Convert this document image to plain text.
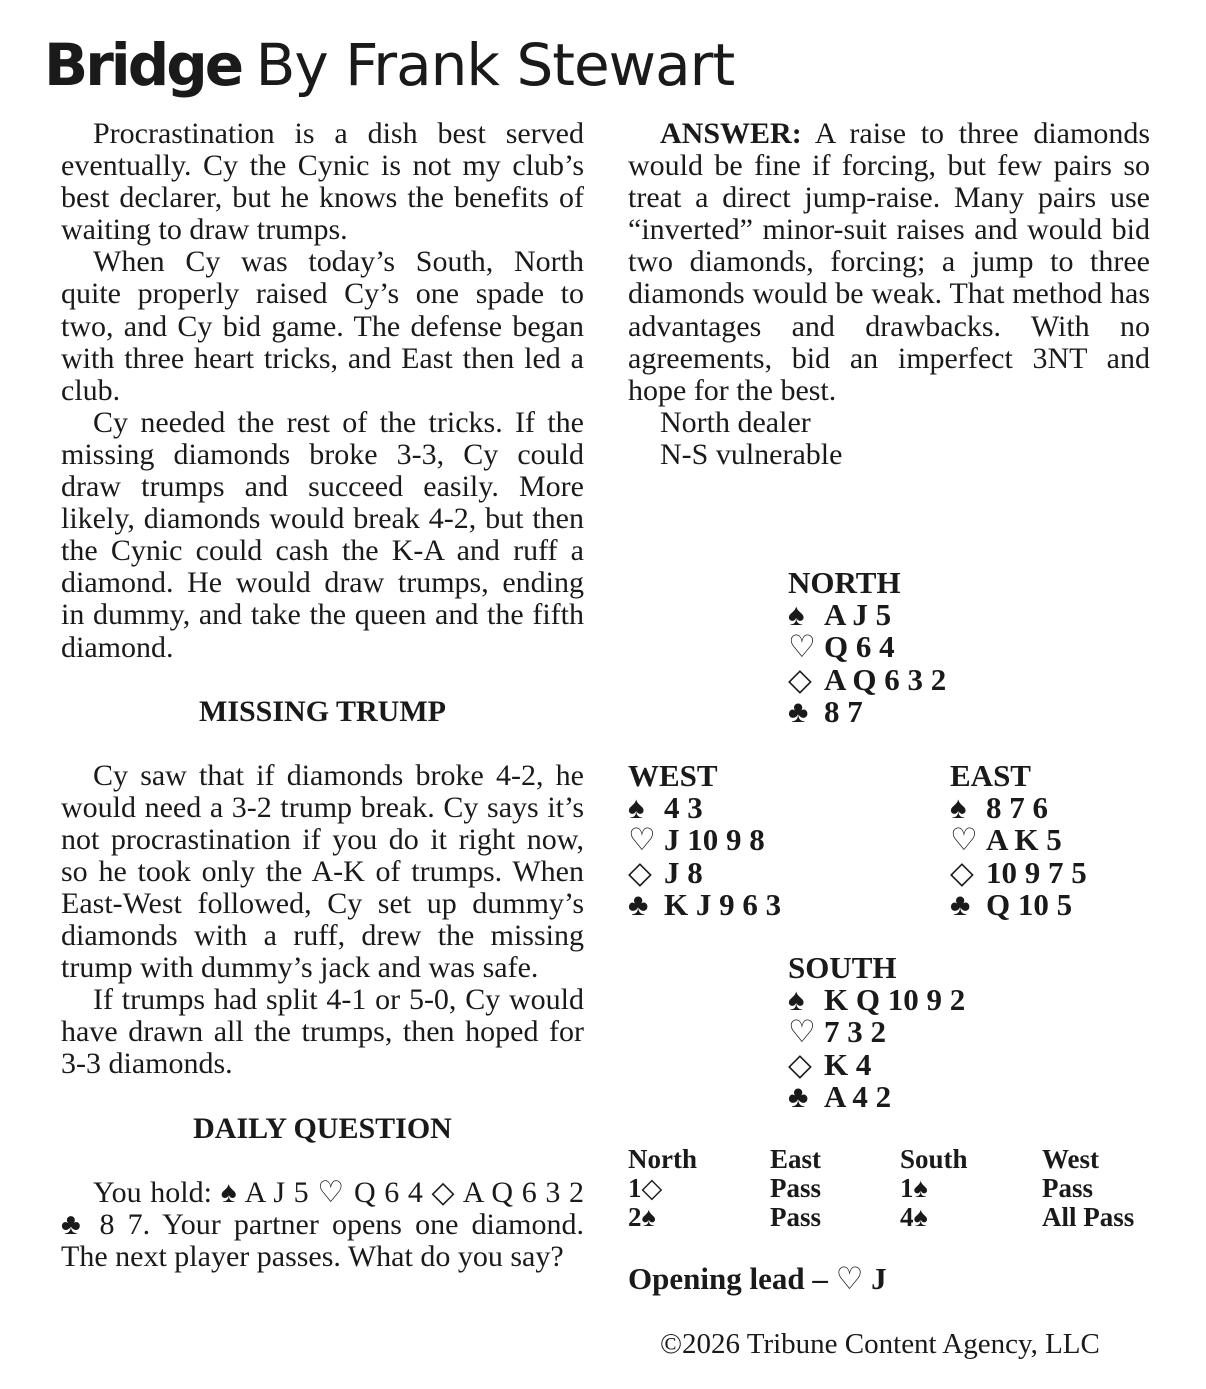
Bridge By Frank Stewart

Procrastination is a dish best served eventually. Cy the Cynic is not my club’s best declarer, but he knows the benefits of waiting to draw trumps.

When Cy was today’s South, North quite properly raised Cy’s one spade to two, and Cy bid game. The defense began with three heart tricks, and East then led a club.

Cy needed the rest of the tricks. If the missing diamonds broke 3-3, Cy could draw trumps and succeed easily. More likely, diamonds would break 4-2, but then the Cynic could cash the K-A and ruff a diamond. He would draw trumps, ending in dummy, and take the queen and the fifth diamond.

MISSING TRUMP

Cy saw that if diamonds broke 4-2, he would need a 3-2 trump break. Cy says it’s not procrastination if you do it right now, so he took only the A-K of trumps. When East-West followed, Cy set up dummy’s diamonds with a ruff, drew the missing trump with dummy’s jack and was safe.

If trumps had split 4-1 or 5-0, Cy would have drawn all the trumps, then hoped for 3-3 diamonds.

DAILY QUESTION

You hold: ♠ A J 5 ♡ Q 6 4 ◇ A Q 6 3 2 ♣ 8 7. Your partner opens one diamond. The next player passes. What do you say?

ANSWER: A raise to three diamonds would be fine if forcing, but few pairs so treat a direct jump-raise. Many pairs use “inverted” minor-suit raises and would bid two diamonds, forcing; a jump to three diamonds would be weak. That method has advantages and drawbacks. With no agreements, bid an imperfect 3NT and hope for the best.

North dealer

N-S vulnerable

NORTH
♠ A J 5
♡ Q 6 4
◇ A Q 6 3 2
♣ 8 7
WEST
♠ 4 3
♡ J 10 9 8
◇ J 8
♣ K J 9 6 3
EAST
♠ 8 7 6
♡ A K 5
◇ 10 9 7 5
♣ Q 10 5
SOUTH
♠ K Q 10 9 2
♡ 7 3 2
◇ K 4
♣ A 4 2
North
1◇
2♠
East
Pass
Pass
South
1♠
4♠
West
Pass
All Pass
Opening lead – ♡ J
©2026 Tribune Content Agency, LLC
